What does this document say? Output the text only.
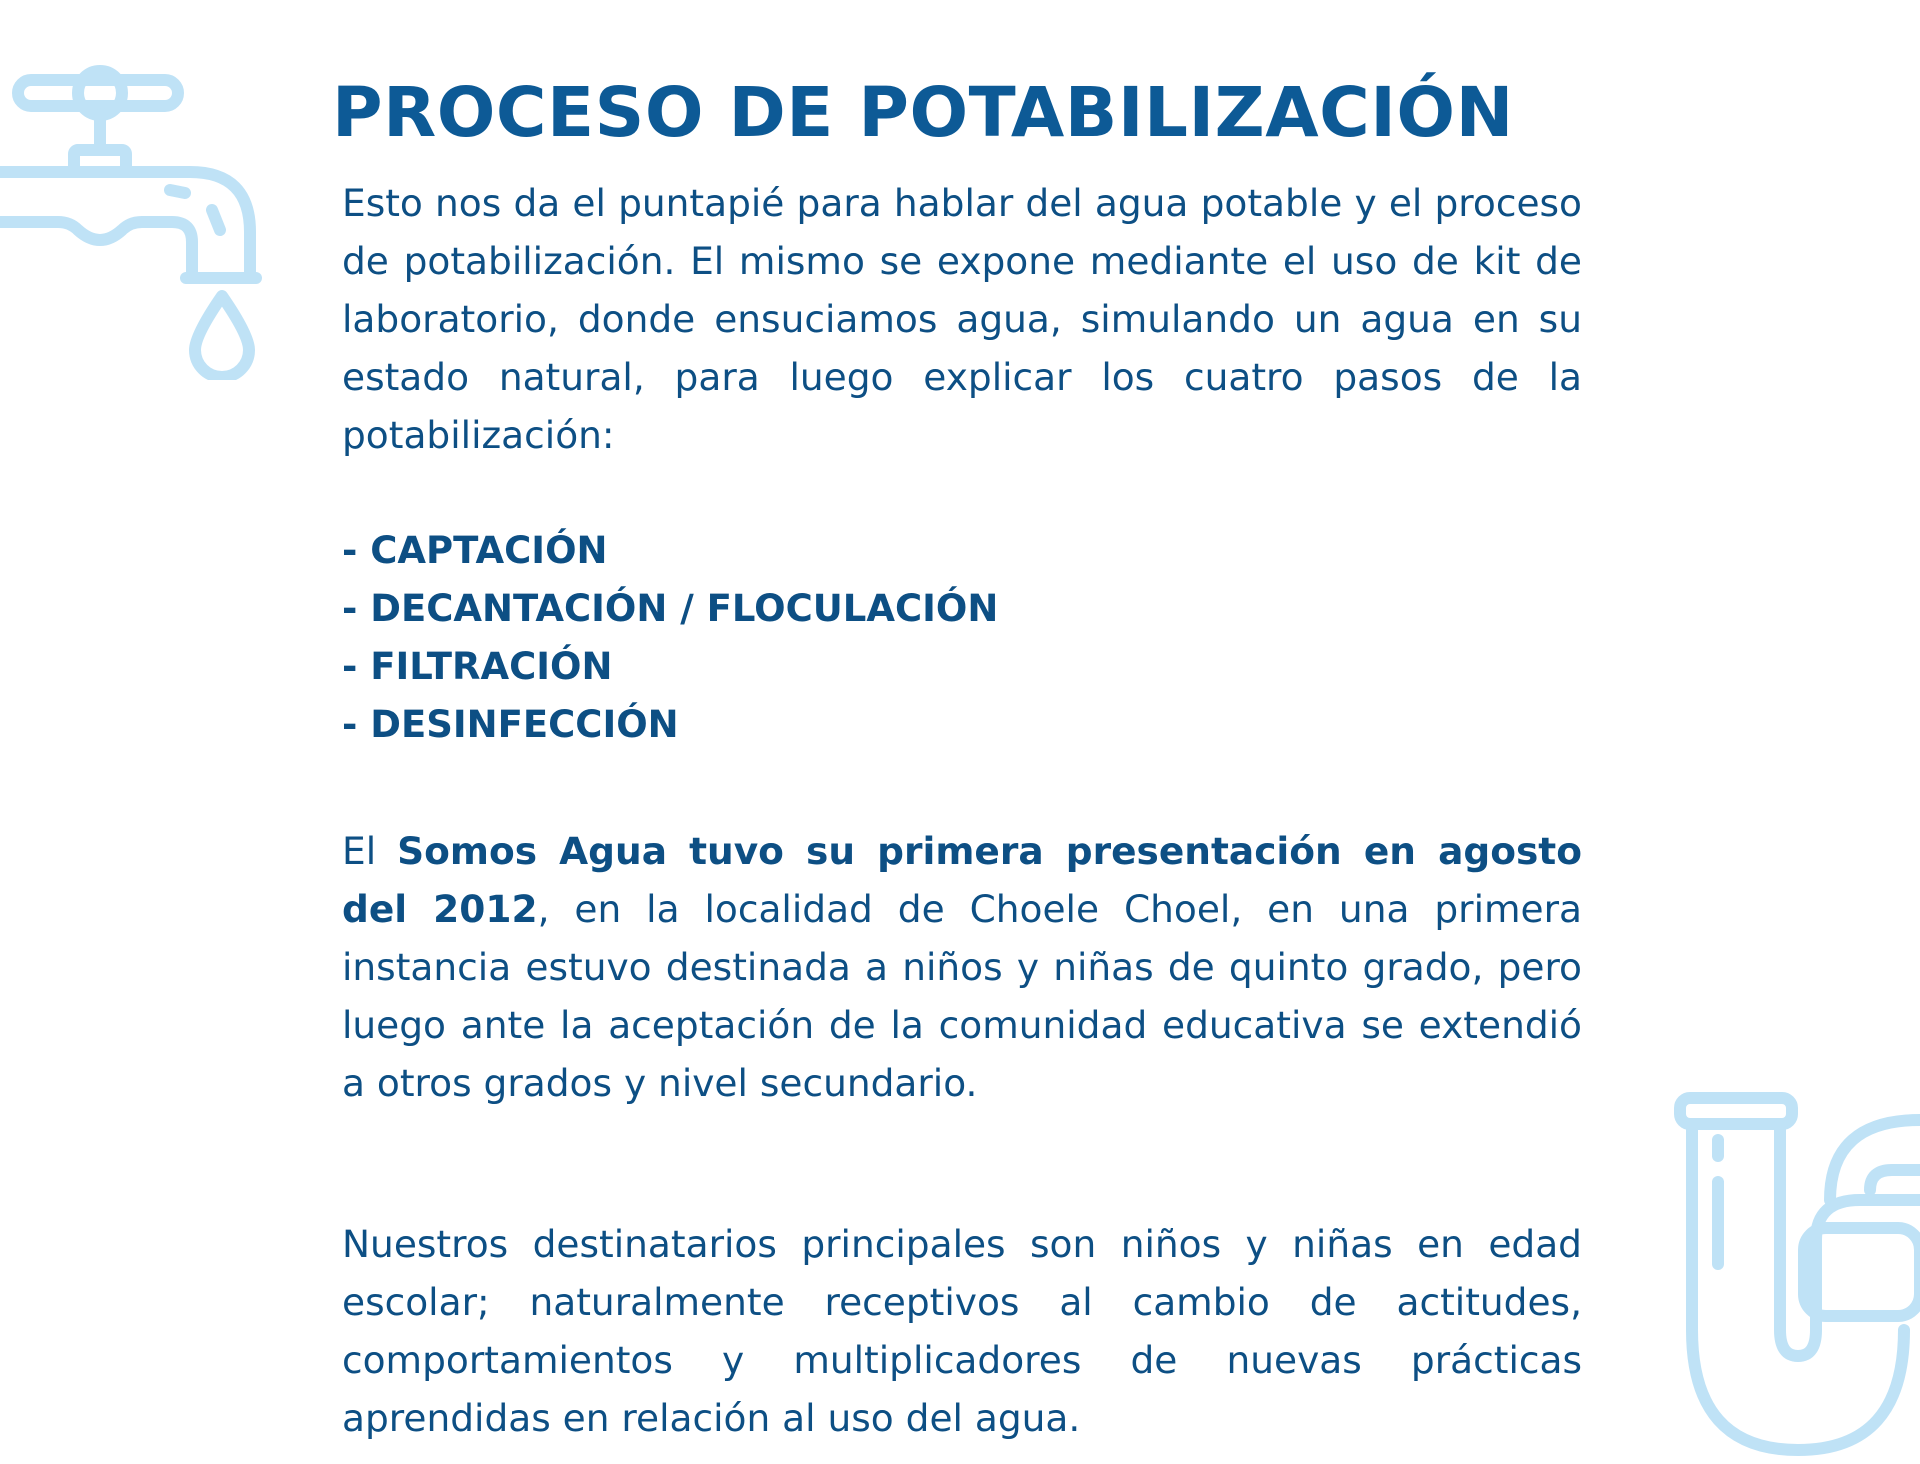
PROCESO DE POTABILIZACIÓN

Esto nos da el puntapié para hablar del agua potable y el proceso de potabilización. El mismo se expone mediante el uso de kit de laboratorio, donde ensuciamos agua, simulando un agua en su estado natural, para luego explicar los cuatro pasos de la potabilización:

- CAPTACIÓN
- DECANTACIÓN / FLOCULACIÓN
- FILTRACIÓN
- DESINFECCIÓN

El Somos Agua tuvo su primera presentación en agosto del 2012, en la localidad de Choele Choel, en una primera instancia estuvo destinada a niños y niñas de quinto grado, pero luego ante la aceptación de la comunidad educativa se extendió a otros grados y nivel secundario.

Nuestros destinatarios principales son niños y niñas en edad escolar; naturalmente receptivos al cambio de actitudes, comportamientos y multiplicadores de nuevas prácticas aprendidas en relación al uso del agua.
